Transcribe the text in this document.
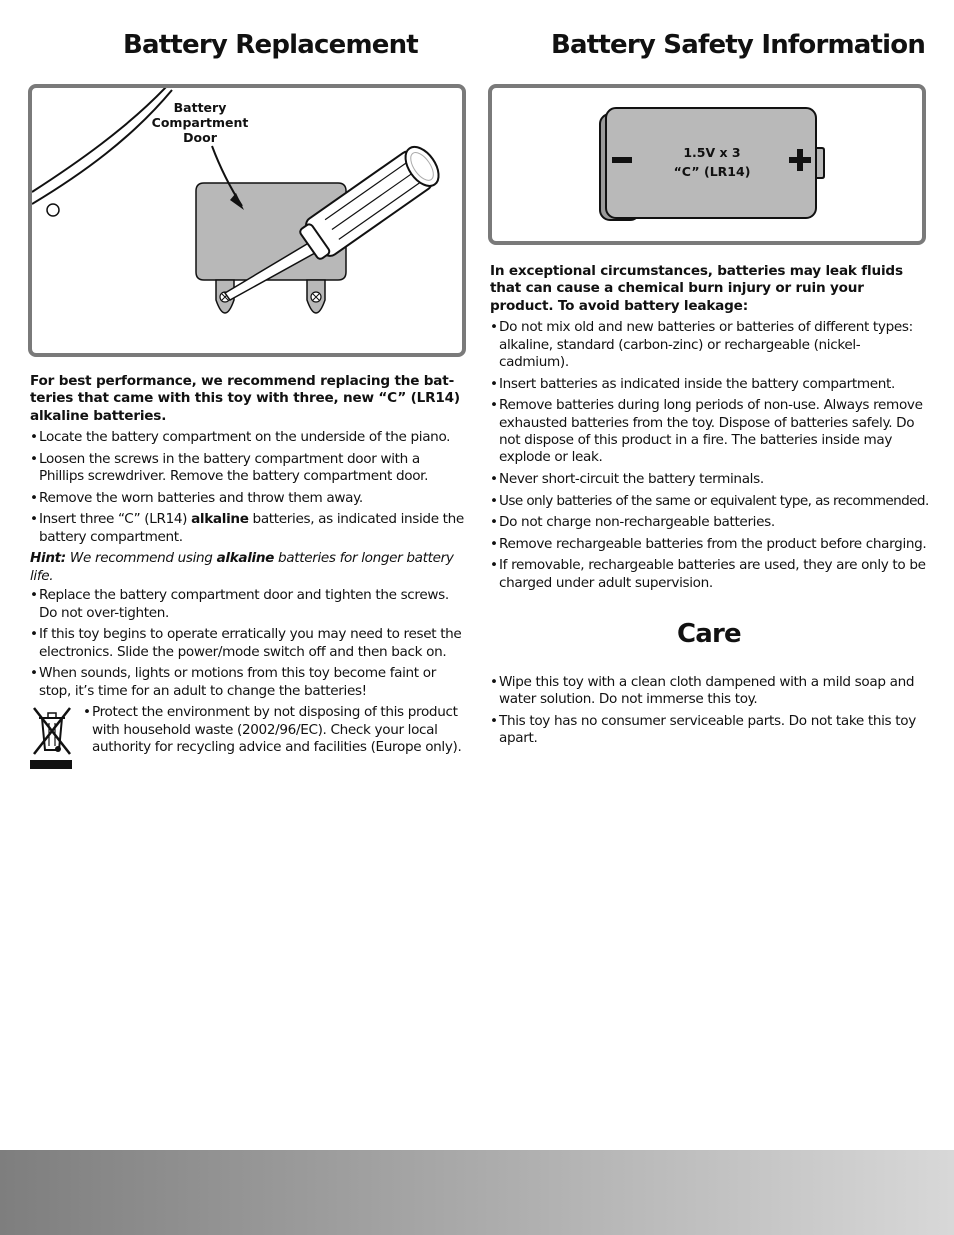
Battery Replacement
Battery
Compartment
Door

For best performance, we recommend replacing the bat-teries that came with this toy with three, new “C” (LR14) alkaline batteries.

• Locate the battery compartment on the underside of the piano.
• Loosen the screws in the battery compartment door with a Phillips screwdriver. Remove the battery compartment door.
• Remove the worn batteries and throw them away.
• Insert three “C” (LR14) alkaline batteries, as indicated inside the battery compartment.

Hint: We recommend using alkaline batteries for longer battery life.

• Replace the battery compartment door and tighten the screws. Do not over-tighten.
• If this toy begins to operate erratically you may need to reset the electronics. Slide the power/mode switch off and then back on.
• When sounds, lights or motions from this toy become faint or stop, it’s time for an adult to change the batteries!
• Protect the environment by not disposing of this product with household waste (2002/96/EC). Check your local authority for recycling advice and facilities (Europe only).
Battery Safety Information
1.5V x 3
“C” (LR14)

In exceptional circumstances, batteries may leak fluids that can cause a chemical burn injury or ruin your product. To avoid battery leakage:

• Do not mix old and new batteries or batteries of different types: alkaline, standard (carbon-zinc) or rechargeable (nickel-cadmium).
• Insert batteries as indicated inside the battery compartment.
• Remove batteries during long periods of non-use. Always remove exhausted batteries from the toy. Dispose of batteries safely. Do not dispose of this product in a fire. The batteries inside may explode or leak.
• Never short-circuit the battery terminals.
• Use only batteries of the same or equivalent type, as recommended.
• Do not charge non-rechargeable batteries.
• Remove rechargeable batteries from the product before charging.
• If removable, rechargeable batteries are used, they are only to be charged under adult supervision.
Care
• Wipe this toy with a clean cloth dampened with a mild soap and water solution. Do not immerse this toy.
• This toy has no consumer serviceable parts. Do not take this toy apart.
